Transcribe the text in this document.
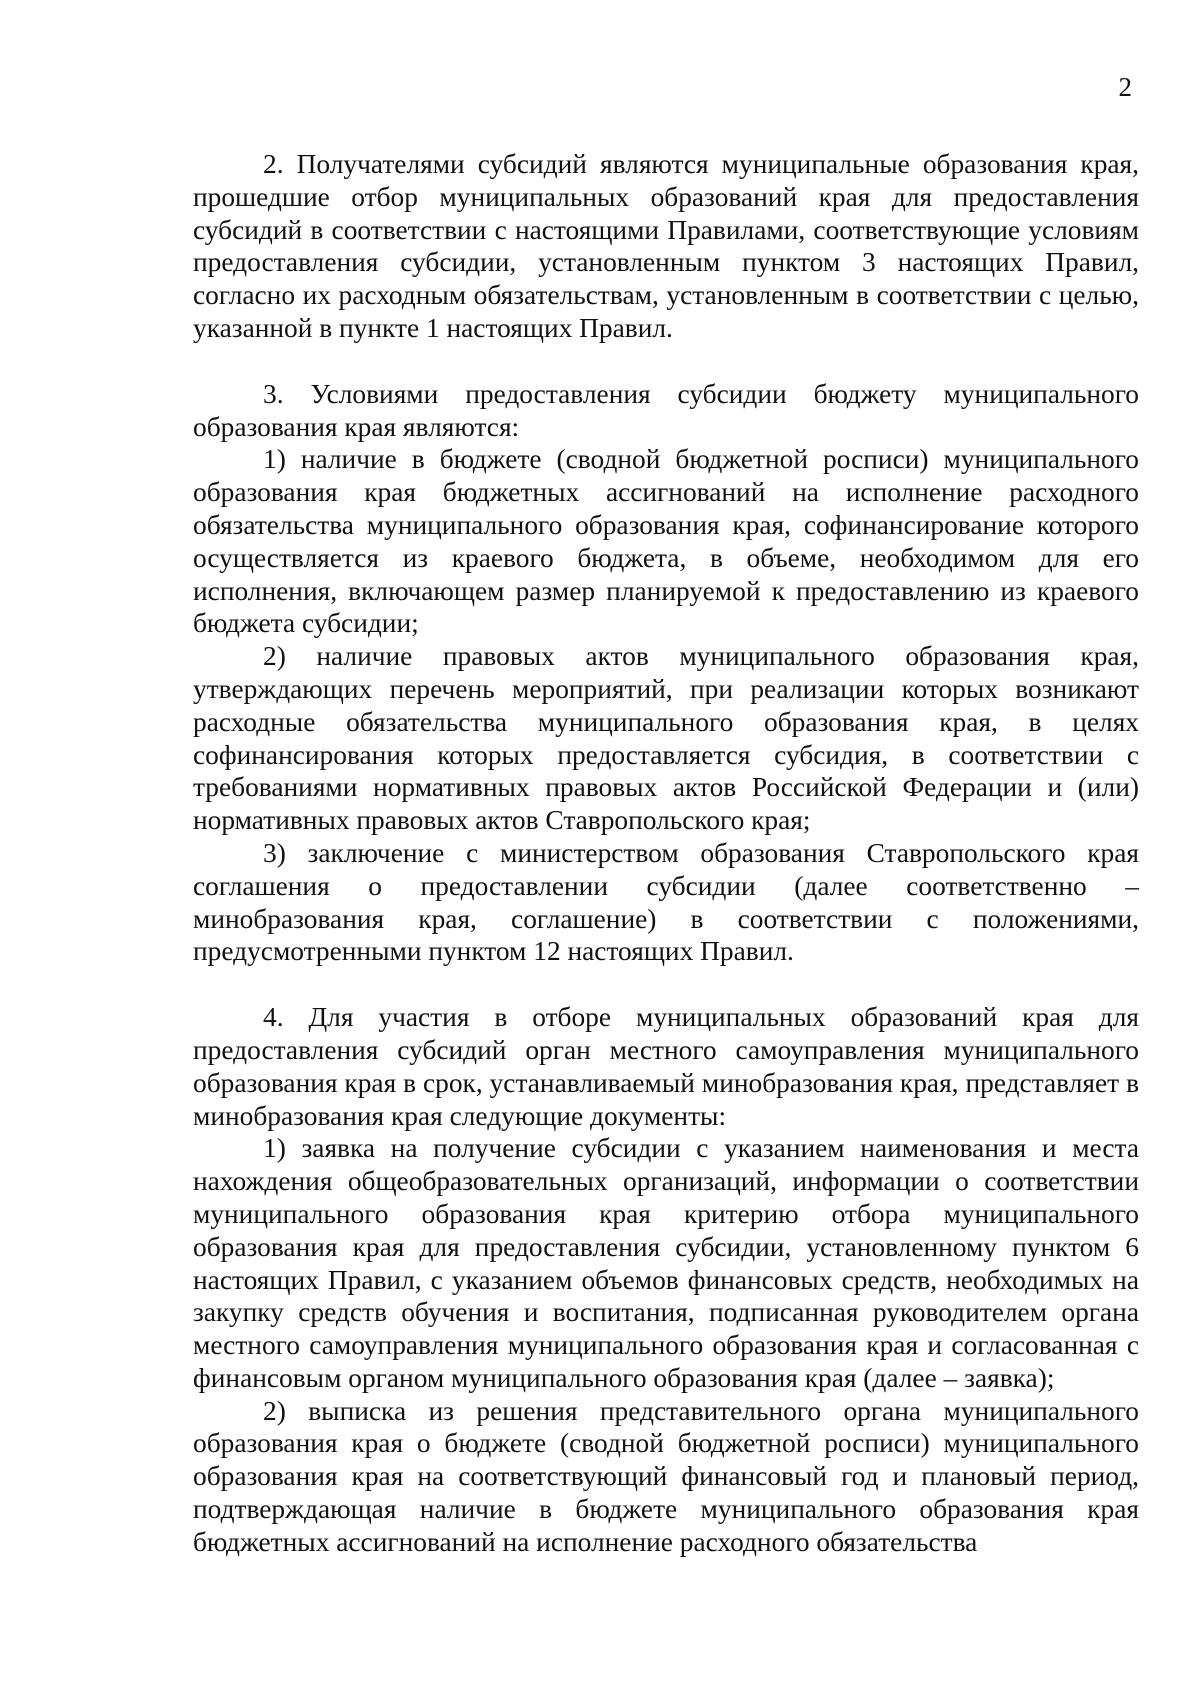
2

2. Получателями субсидий являются муниципальные образования края, прошедшие отбор муниципальных образований края для предоставления субсидий в соответствии с настоящими Правилами, соответствующие условиям предоставления субсидии, установленным пунктом 3 настоящих Правил, согласно их расходным обязательствам, установленным в соответствии с целью, указанной в пункте 1 настоящих Правил.

3. Условиями предоставления субсидии бюджету муниципального образования края являются:

1) наличие в бюджете (сводной бюджетной росписи) муниципального образования края бюджетных ассигнований на исполнение расходного обязательства муниципального образования края, софинансирование которого осуществляется из краевого бюджета, в объеме, необходимом для его исполнения, включающем размер планируемой к предоставлению из краевого бюджета субсидии;

2) наличие правовых актов муниципального образования края, утверждающих перечень мероприятий, при реализации которых возникают расходные обязательства муниципального образования края, в целях софинансирования которых предоставляется субсидия, в соответствии с требованиями нормативных правовых актов Российской Федерации и (или) нормативных правовых актов Ставропольского края;

3) заключение с министерством образования Ставропольского края соглашения о предоставлении субсидии (далее соответственно – минобразования края, соглашение) в соответствии с положениями, предусмотренными пунктом 12 настоящих Правил.

4. Для участия в отборе муниципальных образований края для предоставления субсидий орган местного самоуправления муниципального образования края в срок, устанавливаемый минобразования края, представляет в минобразования края следующие документы:

1) заявка на получение субсидии с указанием наименования и места нахождения общеобразовательных организаций, информации о соответствии муниципального образования края критерию отбора муниципального образования края для предоставления субсидии, установленному пунктом 6 настоящих Правил, с указанием объемов финансовых средств, необходимых на закупку средств обучения и воспитания, подписанная руководителем органа местного самоуправления муниципального образования края и согласованная с финансовым органом муниципального образования края (далее – заявка);

2) выписка из решения представительного органа муниципального образования края о бюджете (сводной бюджетной росписи) муниципального образования края на соответствующий финансовый год и плановый период, подтверждающая наличие в бюджете муниципального образования края бюджетных ассигнований на исполнение расходного обязательства
